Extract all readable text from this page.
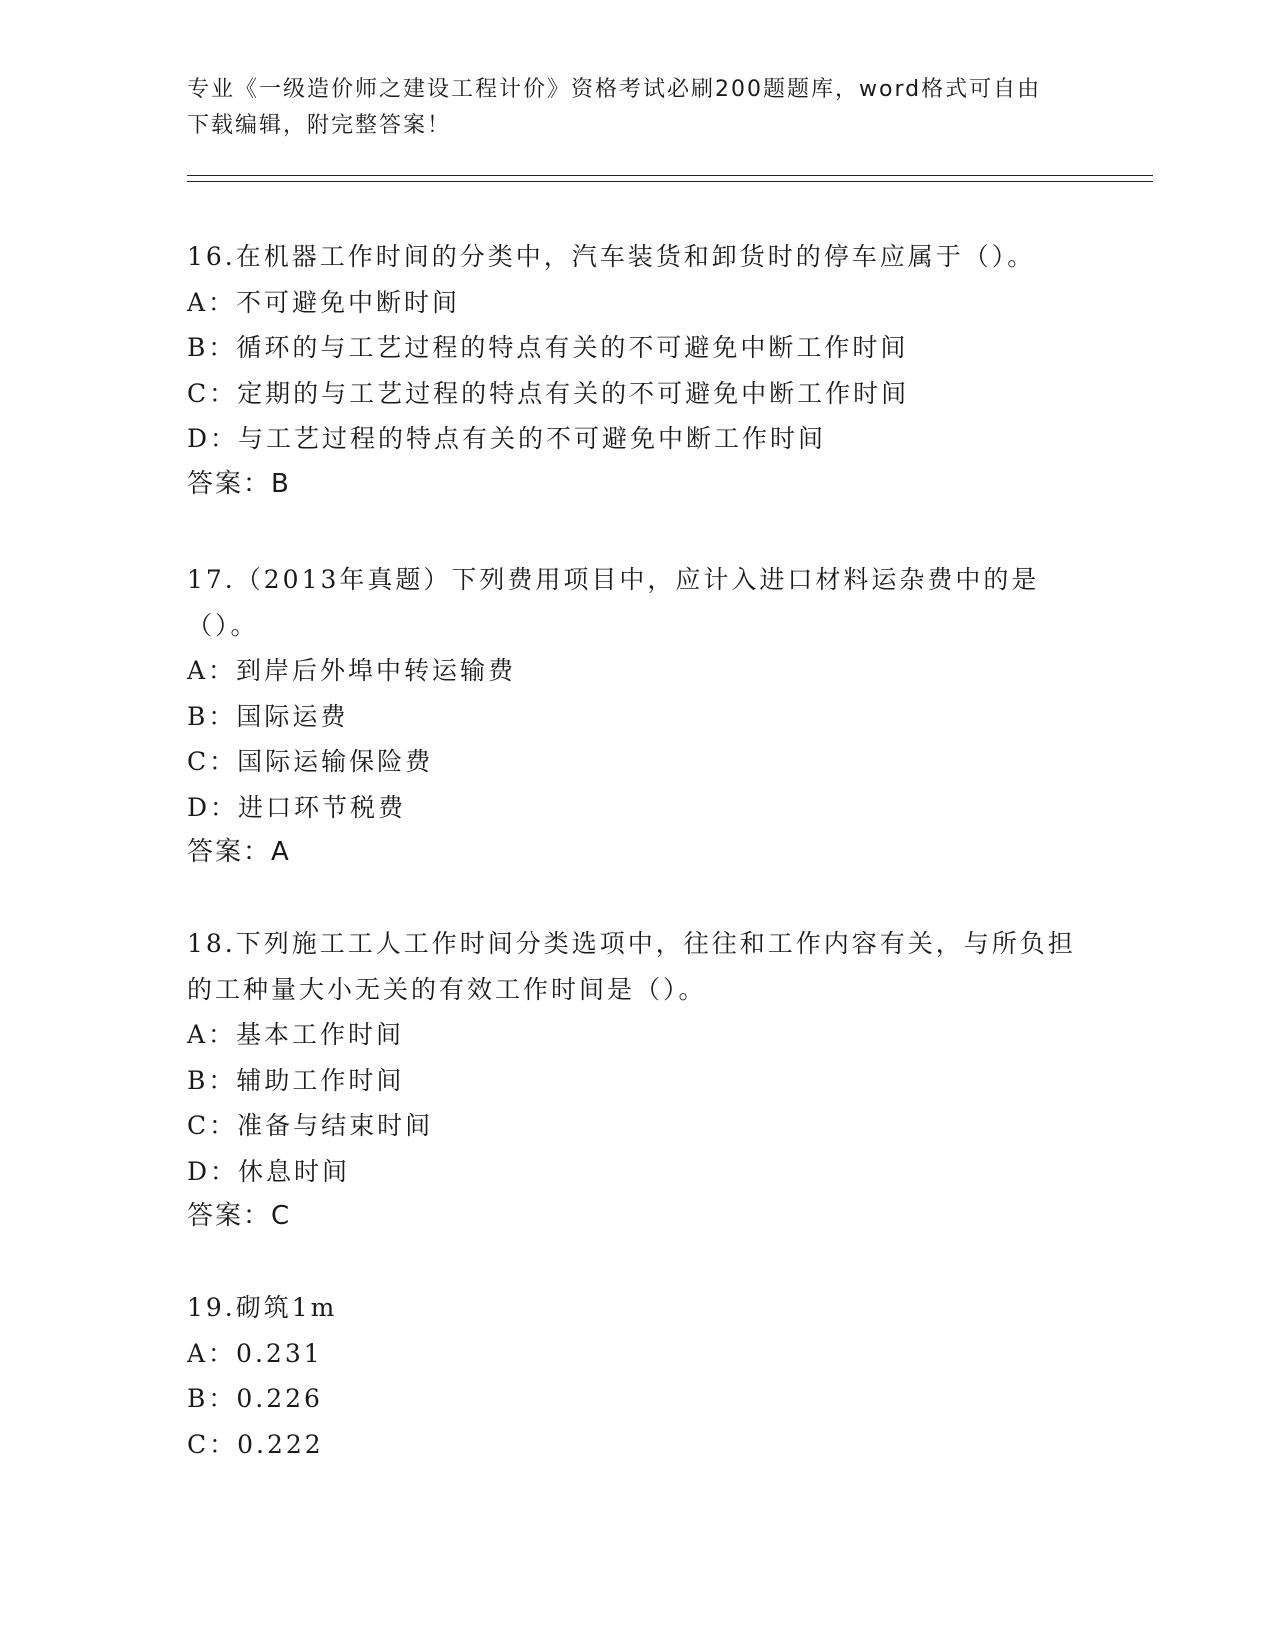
专业《一级造价师之建设工程计价》资格考试必刷200题题库，word格式可自由
下载编辑，附完整答案！
16.在机器工作时间的分类中，汽车装货和卸货时的停车应属于（）。
A：不可避免中断时间
B：循环的与工艺过程的特点有关的不可避免中断工作时间
C：定期的与工艺过程的特点有关的不可避免中断工作时间
D：与工艺过程的特点有关的不可避免中断工作时间
答案：B
17.（2013年真题）下列费用项目中，应计入进口材料运杂费中的是（）。
A：到岸后外埠中转运输费
B：国际运费
C：国际运输保险费
D：进口环节税费
答案：A
18.下列施工工人工作时间分类选项中，往往和工作内容有关，与所负担的工种量大小无关的有效工作时间是（）。
A：基本工作时间
B：辅助工作时间
C：准备与结束时间
D：休息时间
答案：C
19.砌筑1m
A：0.231
B：0.226
C：0.222
